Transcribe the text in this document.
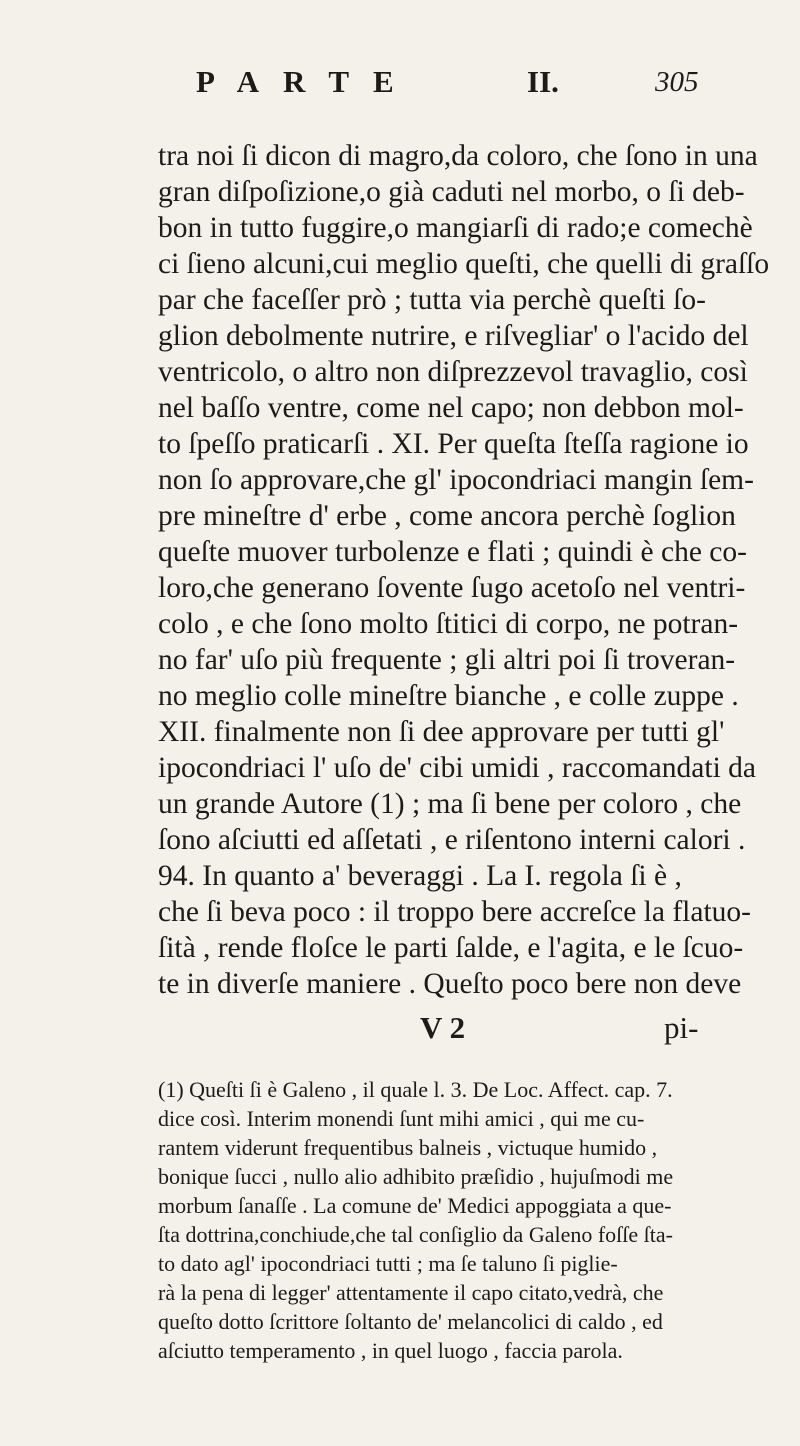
PARTE	II.	305
tra noi ſi dicon di magro,da coloro, che ſono in una
gran diſpoſizione,o già caduti nel morbo, o ſi deb-
bon in tutto fuggire,o mangiarſi di rado;e comechè
ci ſieno alcuni,cui meglio queſti, che quelli di graſſo
par che faceſſer prò ; tutta via perchè queſti ſo-
glion debolmente nutrire, e riſvegliar' o l'acido del
ventricolo, o altro non diſprezzevol travaglio, così
nel baſſo ventre, come nel capo; non debbon mol-
to ſpeſſo praticarſi . XI. Per queſta ſteſſa ragione io
non ſo approvare,che gl' ipocondriaci mangin ſem-
pre mineſtre d' erbe , come ancora perchè ſoglion
queſte muover turbolenze e flati ; quindi è che co-
loro,che generano ſovente ſugo acetoſo nel ventri-
colo , e che ſono molto ſtitici di corpo, ne potran-
no far' uſo più frequente ; gli altri poi ſi troveran-
no meglio colle mineſtre bianche , e colle zuppe .
XII. finalmente non ſi dee approvare per tutti gl'
ipocondriaci l' uſo de' cibi umidi , raccomandati da
un grande Autore (1) ; ma ſi bene per coloro , che
ſono aſciutti ed aſſetati , e riſentono interni calori .
94. In quanto a' beveraggi . La I. regola ſi è ,
che ſi beva poco : il troppo bere accreſce la flatuo-
ſità , rende floſce le parti ſalde, e l'agita, e le ſcuo-
te in diverſe maniere . Queſto poco bere non deve
V 2	pi-
(1) Queſti ſi è Galeno , il quale l. 3. De Loc. Affect. cap. 7.
dice così. Interim monendi ſunt mihi amici , qui me cu-
rantem viderunt frequentibus balneis , victuque humido ,
bonique ſucci , nullo alio adhibito præſidio , hujuſmodi me
morbum ſanaſſe . La comune de' Medici appoggiata a que-
ſta dottrina,conchiude,che tal conſiglio da Galeno foſſe ſta-
to dato agl' ipocondriaci tutti ; ma ſe taluno ſi piglie-
rà la pena di legger' attentamente il capo citato,vedrà, che
queſto dotto ſcrittore ſoltanto de' melancolici di caldo , ed
aſciutto temperamento , in quel luogo , faccia parola.
